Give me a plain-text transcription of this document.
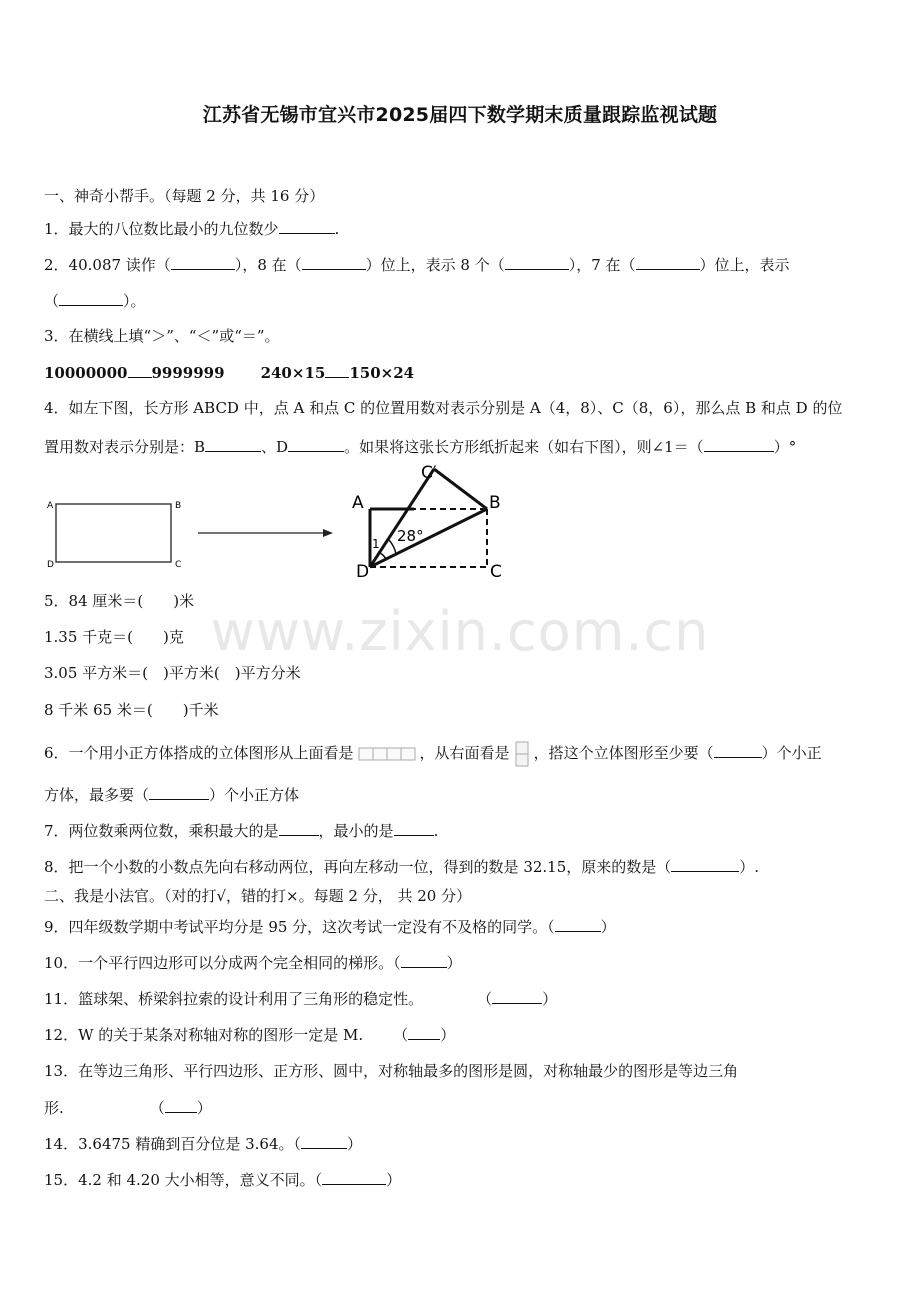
江苏省无锡市宜兴市2025届四下数学期末质量跟踪监视试题
一、神奇小帮手。（每题 2 分，共 16 分）
1．最大的八位数比最小的九位数少	.
2．40.087 读作（	），8 在（	）位上，表示 8 个（	），7 在（	）位上，表示
（	）。
3．在横线上填“＞”、“＜”或“＝”。
10000000 9999999 240×15 150×24
4．如左下图，长方形 ABCD 中，点 A 和点 C 的位置用数对表示分别是 A（4，8）、C（8，6），那么点 B 和点 D 的位
置用数对表示分别是：B	、D	。如果将这张长方形纸折起来（如右下图），则∠1＝（	）°
A	B
D	C
A	B
C
D
C′
28°
1
5．84 厘米＝(　　)米
1.35 千克＝(　　)克
3.05 平方米＝(　)平方米(　)平方分米
8 千米 65 米＝(　　)千米
6．一个用小正方体搭成的立体图形从上面看是	，从右面看是 ，搭这个立体图形至少要（	）个小正
方体，最多要（	）个小正方体
7．两位数乘两位数，乘积最大的是	，最小的是	.
8．把一个小数的小数点先向右移动两位，再向左移动一位，得到的数是 32.15，原来的数是（	）.
二、我是小法官。（对的打√，错的打×。每题 2 分， 共 20 分）
9．四年级数学期中考试平均分是 95 分，这次考试一定没有不及格的同学。（	）
10．一个平行四边形可以分成两个完全相同的梯形。（	）
11．篮球架、桥梁斜拉索的设计利用了三角形的稳定性。	（	）
12．W 的关于某条对称轴对称的图形一定是 M. （ ）
13．在等边三角形、平行四边形、正方形、圆中，对称轴最多的图形是圆，对称轴最少的图形是等边三角
形.	（ ）
14．3.6475 精确到百分位是 3.64。（	）
15．4.2 和 4.20 大小相等，意义不同。（	）
www.zixin.com.cn
